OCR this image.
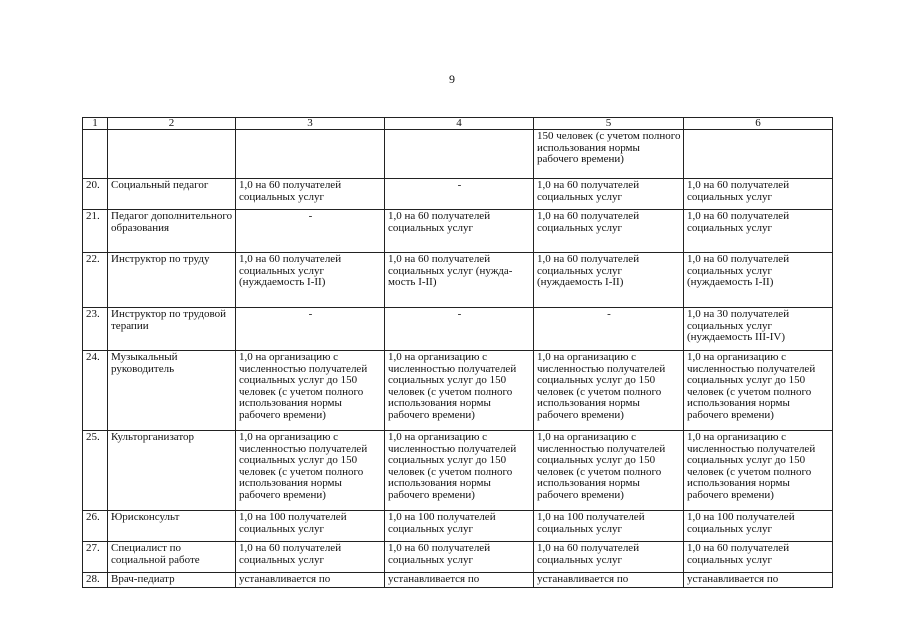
9
1	2	3	4	5	6
				150 человек (с учетом полного использования нормы рабочего времени)	
20.	Социальный педагог	1,0 на 60 получателей социальных услуг	-	1,0 на 60 получателей социальных услуг	1,0 на 60 получателей социальных услуг
21.	Педагог дополнительного образования	-	1,0 на 60 получателей социальных услуг	1,0 на 60 получателей социальных услуг	1,0 на 60 получателей социальных услуг
22.	Инструктор по труду	1,0 на 60 получателей социальных услуг (нуждаемость I-II)	1,0 на 60 получателей социальных услуг (нужда-мость I-II)	1,0 на 60 получателей социальных услуг (нуждаемость I-II)	1,0 на 60 получателей социальных услуг (нуждаемость I-II)
23.	Инструктор по трудовой терапии	-	-	-	1,0 на 30 получателей социальных услуг (нуждаемость III-IV)
24.	Музыкальный руководитель	1,0 на организацию с численностью получателей социальных услуг до 150 человек (с учетом полного использования нормы рабочего времени)	1,0 на организацию с численностью получателей социальных услуг до 150 человек (с учетом полного использования нормы рабочего времени)	1,0 на организацию с численностью получателей социальных услуг до 150 человек (с учетом полного использования нормы рабочего времени)	1,0 на организацию с численностью получателей социальных услуг до 150 человек (с учетом полного использования нормы рабочего времени)
25.	Культорганизатор	1,0 на организацию с численностью получателей социальных услуг до 150 человек (с учетом полного использования нормы рабочего времени)	1,0 на организацию с численностью получателей социальных услуг до 150 человек (с учетом полного использования нормы рабочего времени)	1,0 на организацию с численностью получателей социальных услуг до 150 человек (с учетом полного использования нормы рабочего времени)	1,0 на организацию с численностью получателей социальных услуг до 150 человек (с учетом полного использования нормы рабочего времени)
26.	Юрисконсульт	1,0 на 100 получателей социальных услуг	1,0 на 100 получателей социальных услуг	1,0 на 100 получателей социальных услуг	1,0 на 100 получателей социальных услуг
27.	Специалист по социальной работе	1,0 на 60 получателей социальных услуг	1,0 на 60 получателей социальных услуг	1,0 на 60 получателей социальных услуг	1,0 на 60 получателей социальных услуг
28.	Врач-педиатр	устанавливается по	устанавливается по	устанавливается по	устанавливается по
